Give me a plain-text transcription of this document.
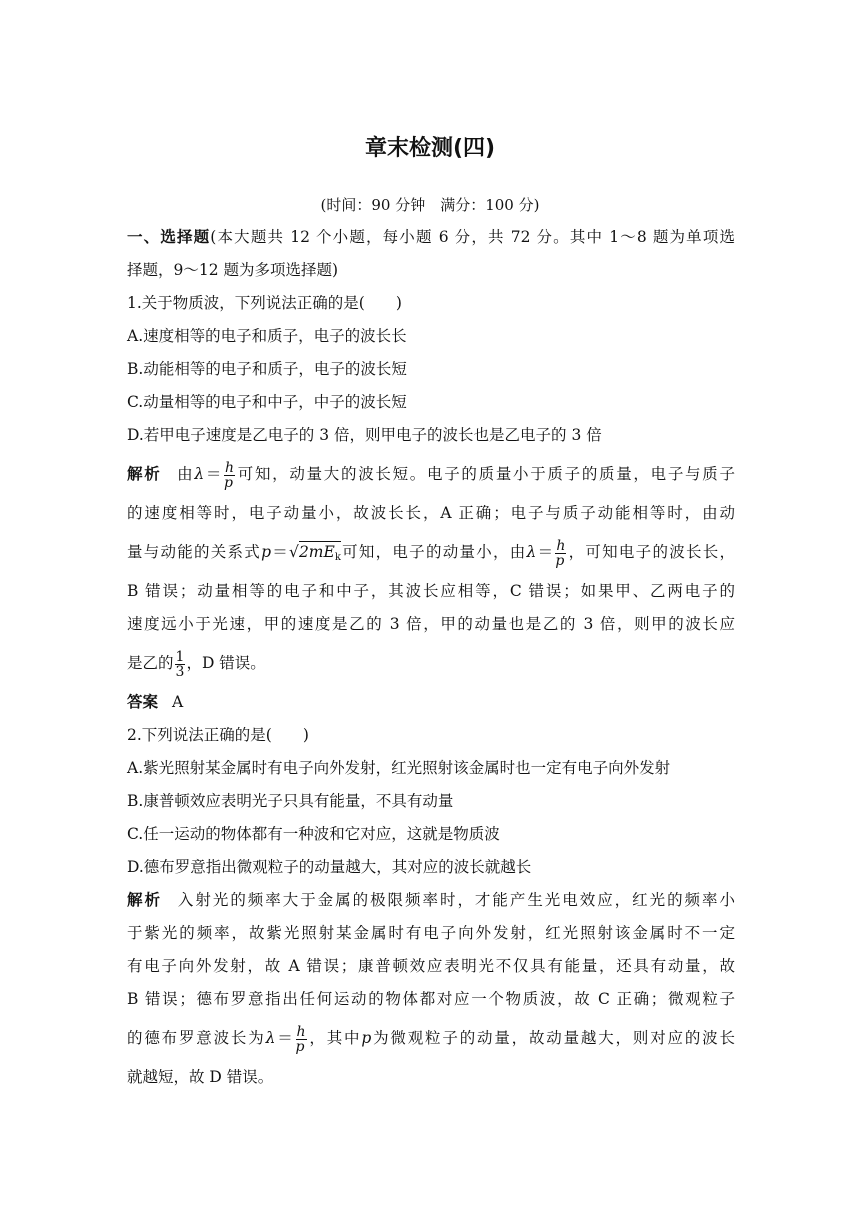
章末检测(四)
(时间：90 分钟　满分：100 分)
一、选择题(本大题共 12 个小题，每小题 6 分，共 72 分。其中 1～8 题为单项选
择题，9～12 题为多项选择题)
1.关于物质波，下列说法正确的是(　　)
A.速度相等的电子和质子，电子的波长长
B.动能相等的电子和质子，电子的波长短
C.动量相等的电子和中子，中子的波长短
D.若甲电子速度是乙电子的 3 倍，则甲电子的波长也是乙电子的 3 倍
解析 由$\lambda= \frac{h}{p}$ 可知，动量大的波长短。电子的质量小于质子的质量，电子与质子
的速度相等时，电子动量小，故波长长，A 正确；电子与质子动能相等时，由动
量与动能的关系式$p=√2mE_k$可知，电子的动量小，由$\lambda= \frac{h}{p}$ ，可知电子的波长长，
B 错误；动量相等的电子和中子，其波长应相等，C 错误；如果甲、乙两电子的
速度远小于光速，甲的速度是乙的 3 倍，甲的动量也是乙的 3 倍，则甲的波长应
是乙的 $\frac{1}{3}$ ，D 错误。
答案 A
2.下列说法正确的是(　　)
A.紫光照射某金属时有电子向外发射，红光照射该金属时也一定有电子向外发射
B.康普顿效应表明光子只具有能量，不具有动量
C.任一运动的物体都有一种波和它对应，这就是物质波
D.德布罗意指出微观粒子的动量越大，其对应的波长就越长
解析 入射光的频率大于金属的极限频率时，才能产生光电效应，红光的频率小
于紫光的频率，故紫光照射某金属时有电子向外发射，红光照射该金属时不一定
有电子向外发射，故 A 错误；康普顿效应表明光不仅具有能量，还具有动量，故
B 错误；德布罗意指出任何运动的物体都对应一个物质波，故 C 正确；微观粒子
的德布罗意波长为$\lambda= \frac{h}{p}$ ，其中p为微观粒子的动量，故动量越大，则对应的波长
就越短，故 D 错误。
